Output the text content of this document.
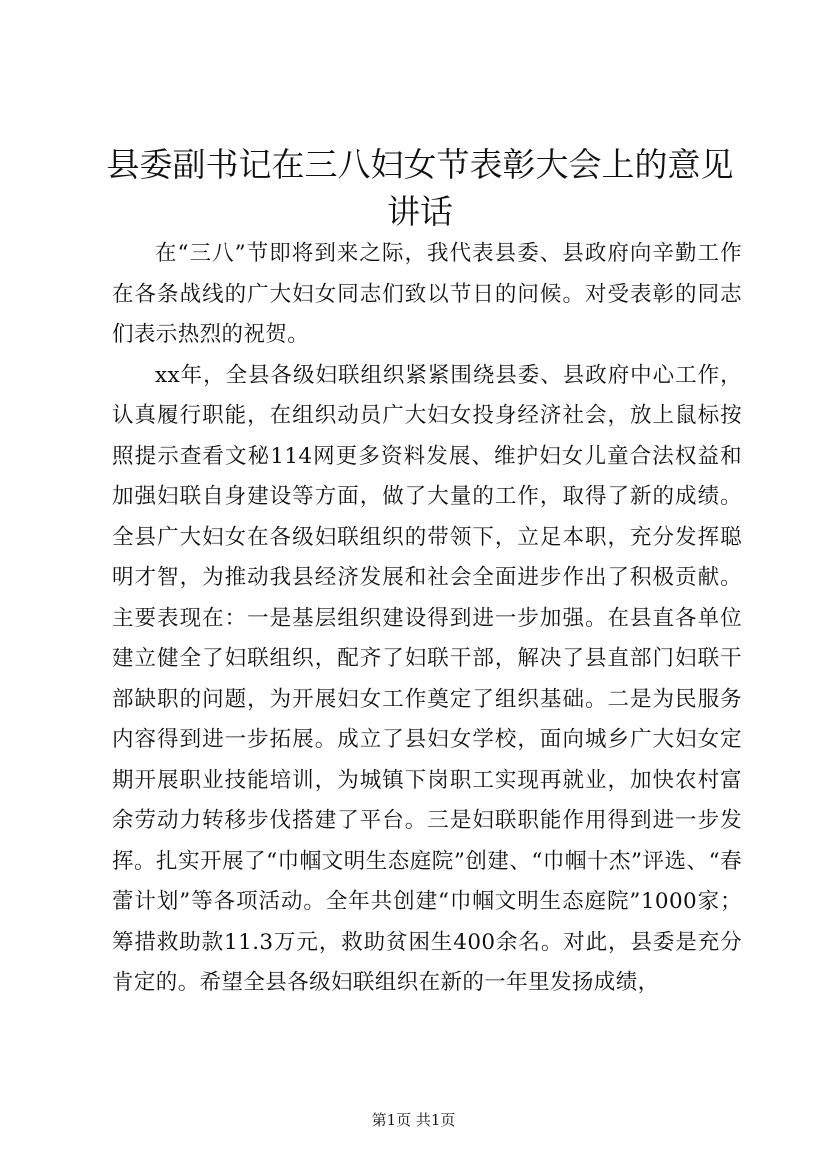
县委副书记在三八妇女节表彰大会上的意见讲话

在“三八”节即将到来之际，我代表县委、县政府向辛勤工作在各条战线的广大妇女同志们致以节日的问候。对受表彰的同志们表示热烈的祝贺。

xx年，全县各级妇联组织紧紧围绕县委、县政府中心工作，认真履行职能，在组织动员广大妇女投身经济社会，放上鼠标按照提示查看文秘114网更多资料发展、维护妇女儿童合法权益和加强妇联自身建设等方面，做了大量的工作，取得了新的成绩。全县广大妇女在各级妇联组织的带领下，立足本职，充分发挥聪明才智，为推动我县经济发展和社会全面进步作出了积极贡献。主要表现在：一是基层组织建设得到进一步加强。在县直各单位建立健全了妇联组织，配齐了妇联干部，解决了县直部门妇联干部缺职的问题，为开展妇女工作奠定了组织基础。二是为民服务内容得到进一步拓展。成立了县妇女学校，面向城乡广大妇女定期开展职业技能培训，为城镇下岗职工实现再就业，加快农村富余劳动力转移步伐搭建了平台。三是妇联职能作用得到进一步发挥。扎实开展了“巾帼文明生态庭院”创建、“巾帼十杰”评选、“春蕾计划”等各项活动。全年共创建“巾帼文明生态庭院”1000家；筹措救助款11.3万元，救助贫困生400余名。对此，县委是充分肯定的。希望全县各级妇联组织在新的一年里发扬成绩，

第1页 共1页
